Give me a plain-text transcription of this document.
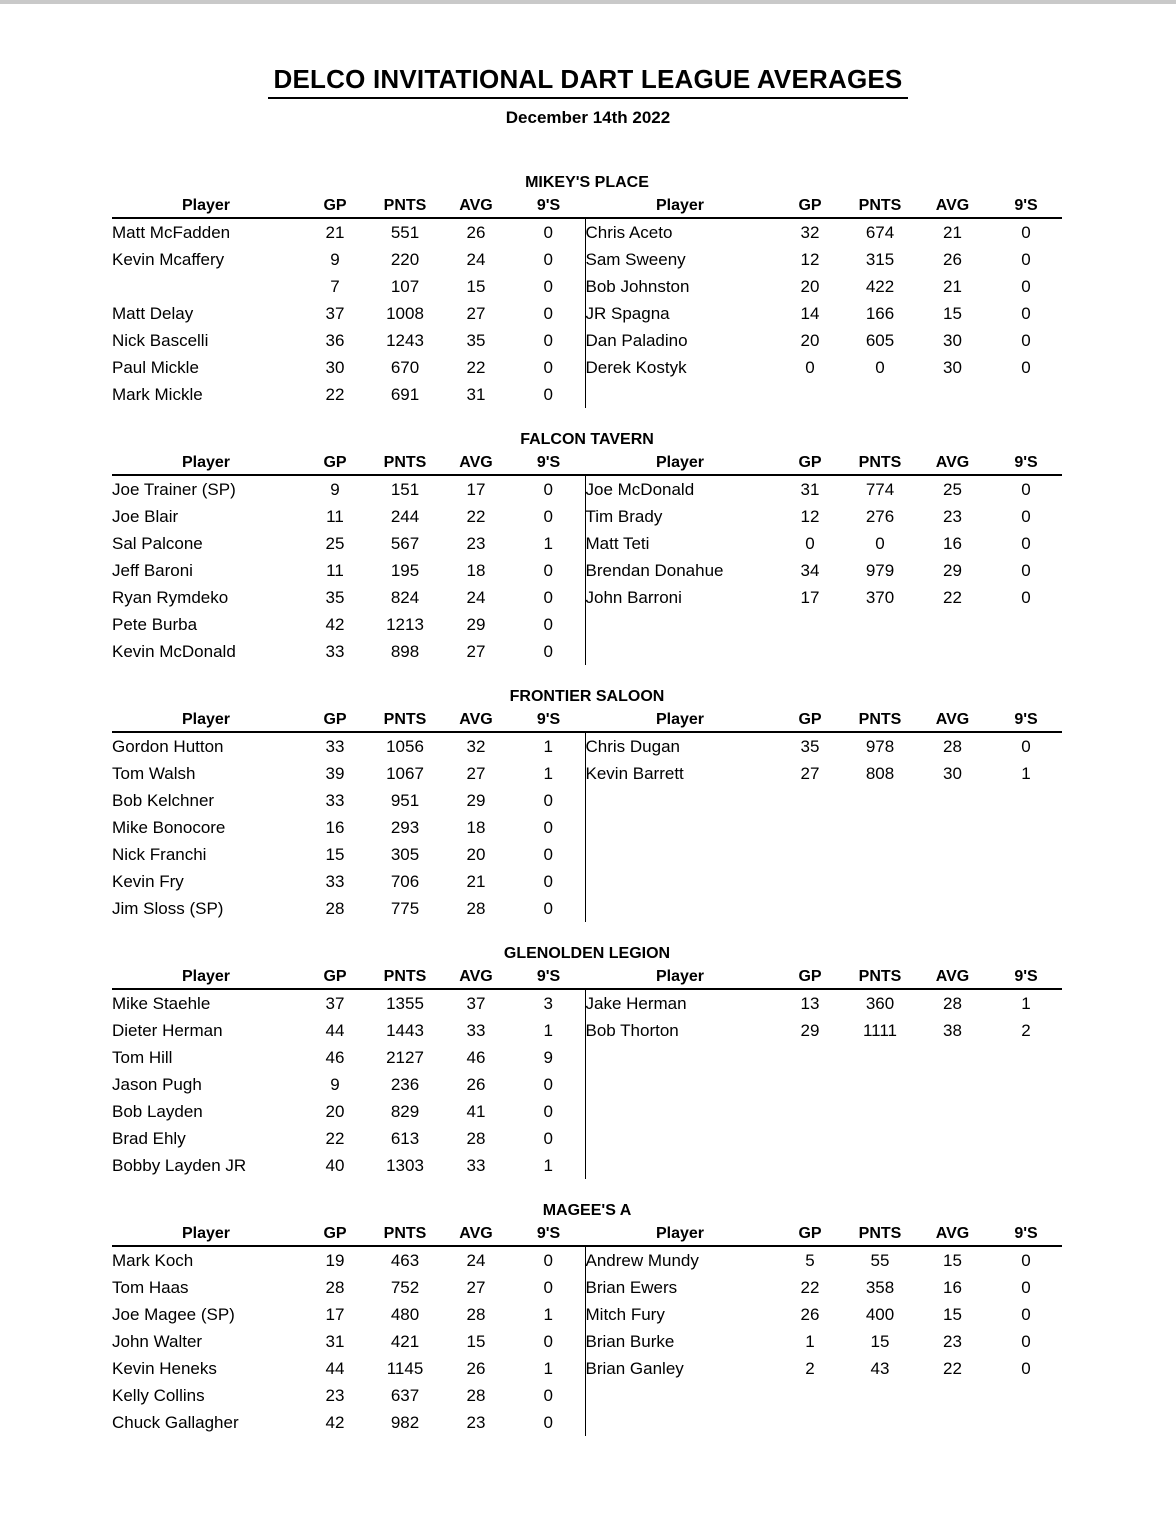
DELCO INVITATIONAL DART LEAGUE AVERAGES
December 14th 2022
MIKEY'S PLACE
Player	GP	PNTS	AVG	9'S	Player	GP	PNTS	AVG	9'S
Matt McFadden	21	551	26	0	Chris Aceto	32	674	21	0
Kevin Mcaffery	9	220	24	0	Sam Sweeny	12	315	26	0
	7	107	15	0	Bob Johnston	20	422	21	0
Matt Delay	37	1008	27	0	JR Spagna	14	166	15	0
Nick Bascelli	36	1243	35	0	Dan Paladino	20	605	30	0
Paul Mickle	30	670	22	0	Derek Kostyk	0	0	30	0
Mark Mickle	22	691	31	0					
FALCON TAVERN
Player	GP	PNTS	AVG	9'S	Player	GP	PNTS	AVG	9'S
Joe Trainer (SP)	9	151	17	0	Joe McDonald	31	774	25	0
Joe Blair	11	244	22	0	Tim Brady	12	276	23	0
Sal Palcone	25	567	23	1	Matt Teti	0	0	16	0
Jeff Baroni	11	195	18	0	Brendan Donahue	34	979	29	0
Ryan Rymdeko	35	824	24	0	John Barroni	17	370	22	0
Pete Burba	42	1213	29	0					
Kevin McDonald	33	898	27	0					
FRONTIER SALOON
Player	GP	PNTS	AVG	9'S	Player	GP	PNTS	AVG	9'S
Gordon Hutton	33	1056	32	1	Chris Dugan	35	978	28	0
Tom Walsh	39	1067	27	1	Kevin Barrett	27	808	30	1
Bob Kelchner	33	951	29	0					
Mike Bonocore	16	293	18	0					
Nick Franchi	15	305	20	0					
Kevin Fry	33	706	21	0					
Jim Sloss (SP)	28	775	28	0					
GLENOLDEN LEGION
Player	GP	PNTS	AVG	9'S	Player	GP	PNTS	AVG	9'S
Mike Staehle	37	1355	37	3	Jake Herman	13	360	28	1
Dieter Herman	44	1443	33	1	Bob Thorton	29	1111	38	2
Tom Hill	46	2127	46	9					
Jason Pugh	9	236	26	0					
Bob Layden	20	829	41	0					
Brad Ehly	22	613	28	0					
Bobby Layden JR	40	1303	33	1					
MAGEE'S A
Player	GP	PNTS	AVG	9'S	Player	GP	PNTS	AVG	9'S
Mark Koch	19	463	24	0	Andrew Mundy	5	55	15	0
Tom Haas	28	752	27	0	Brian Ewers	22	358	16	0
Joe Magee (SP)	17	480	28	1	Mitch Fury	26	400	15	0
John Walter	31	421	15	0	Brian Burke	1	15	23	0
Kevin Heneks	44	1145	26	1	Brian Ganley	2	43	22	0
Kelly Collins	23	637	28	0					
Chuck Gallagher	42	982	23	0					
